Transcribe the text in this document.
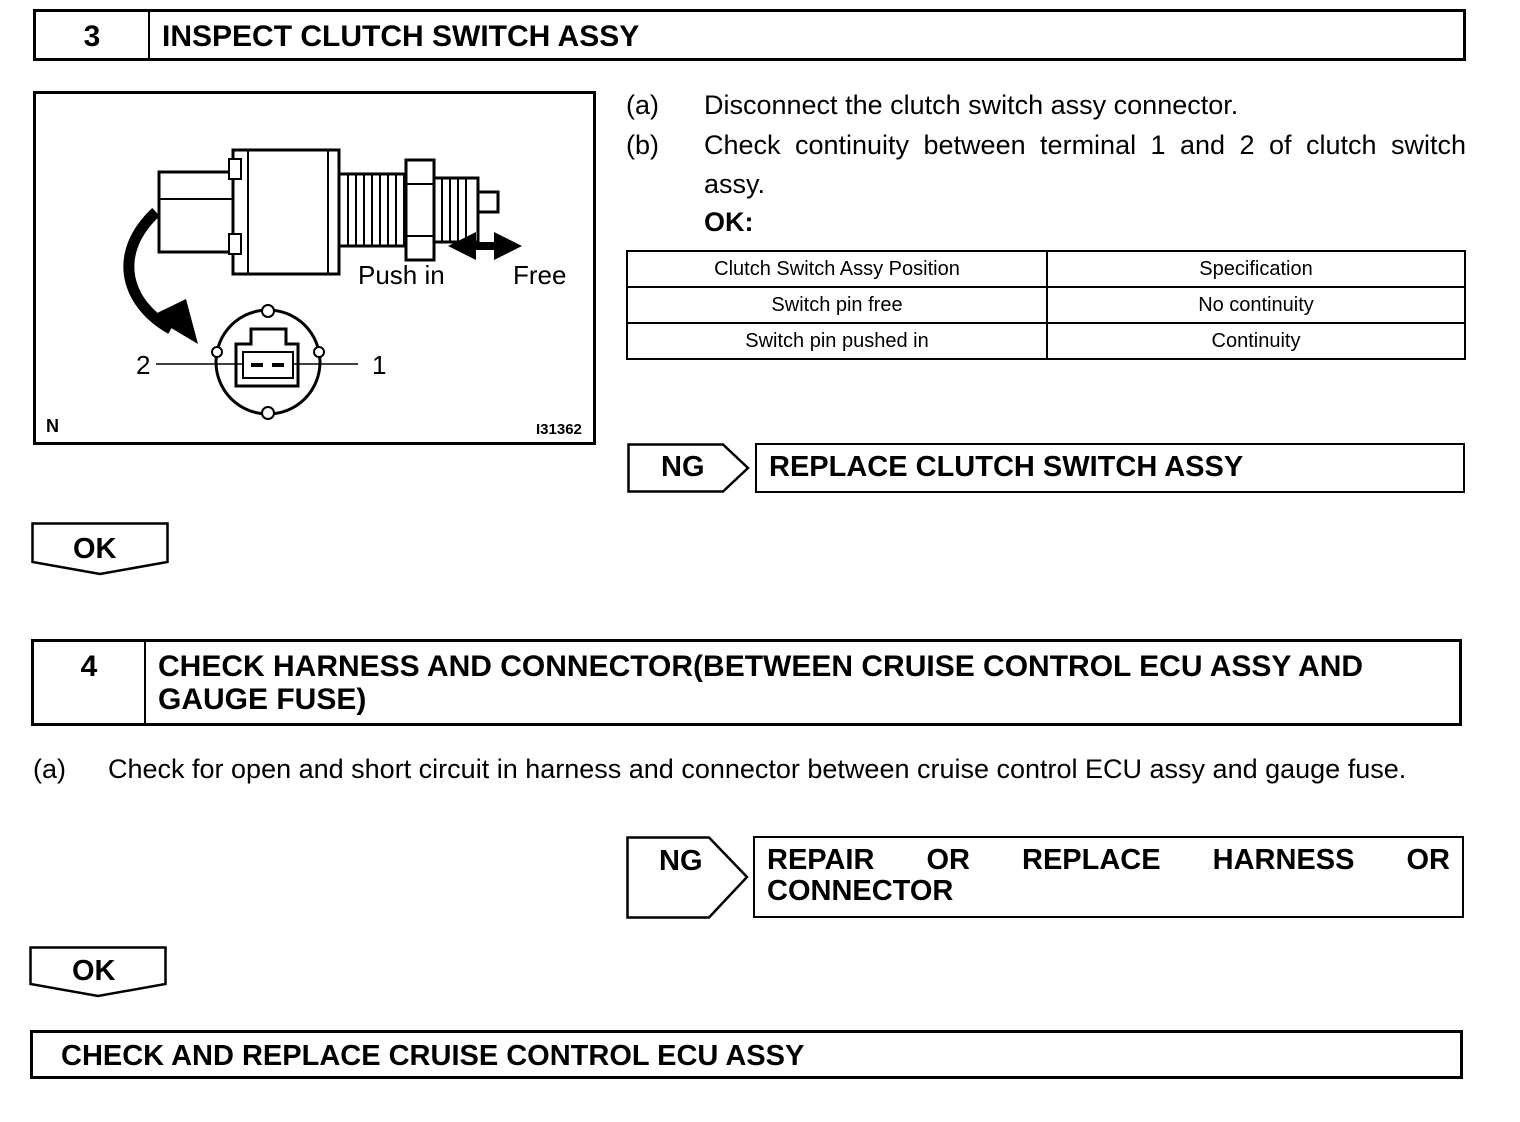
3	INSPECT CLUTCH SWITCH ASSY
Push in	Free
2	1
N	I31362
(a) Disconnect the clutch switch assy connector.
(b) Check continuity between terminal 1 and 2 of clutch switch assy.
OK:
Clutch Switch Assy Position	Specification
Switch pin free	No continuity
Switch pin pushed in	Continuity
NG	REPLACE CLUTCH SWITCH ASSY
OK
4	CHECK HARNESS AND CONNECTOR(BETWEEN CRUISE CONTROL ECU ASSY AND GAUGE FUSE)
(a) Check for open and short circuit in harness and connector between cruise control ECU assy and gauge fuse.
NG	REPAIR OR REPLACE HARNESS OR CONNECTOR
OK
CHECK AND REPLACE CRUISE CONTROL ECU ASSY
